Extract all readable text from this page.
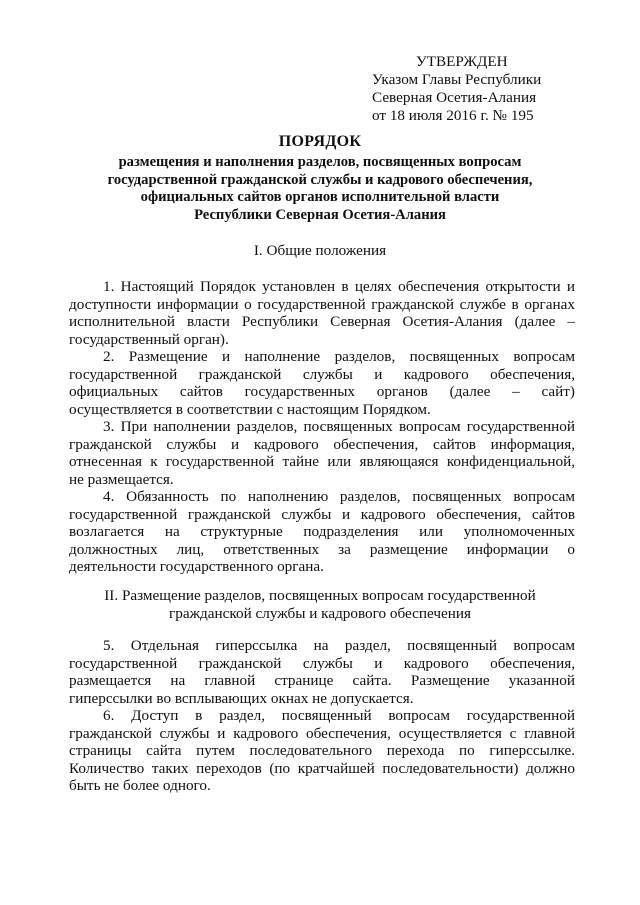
УТВЕРЖДЕН
Указом Главы Республики
Северная Осетия-Алания
от 18 июля 2016 г. № 195
ПОРЯДОК
размещения и наполнения разделов, посвященных вопросам
государственной гражданской службы и кадрового обеспечения,
официальных сайтов органов исполнительной власти
Республики Северная Осетия-Алания
I. Общие положения
1. Настоящий Порядок установлен в целях обеспечения открытости и
доступности информации о государственной гражданской службе в органах
исполнительной власти Республики Северная Осетия-Алания (далее –
государственный орган).
2. Размещение и наполнение разделов, посвященных вопросам
государственной гражданской службы и кадрового обеспечения,
официальных сайтов государственных органов (далее – сайт)
осуществляется в соответствии с настоящим Порядком.
3. При наполнении разделов, посвященных вопросам государственной
гражданской службы и кадрового обеспечения, сайтов информация,
отнесенная к государственной тайне или являющаяся конфиденциальной,
не размещается.
4. Обязанность по наполнению разделов, посвященных вопросам
государственной гражданской службы и кадрового обеспечения, сайтов
возлагается на структурные подразделения или уполномоченных
должностных лиц, ответственных за размещение информации о
деятельности государственного органа.
II. Размещение разделов, посвященных вопросам государственной
гражданской службы и кадрового обеспечения
5. Отдельная гиперссылка на раздел, посвященный вопросам
государственной гражданской службы и кадрового обеспечения,
размещается на главной странице сайта. Размещение указанной
гиперссылки во всплывающих окнах не допускается.
6. Доступ в раздел, посвященный вопросам государственной
гражданской службы и кадрового обеспечения, осуществляется с главной
страницы сайта путем последовательного перехода по гиперссылке.
Количество таких переходов (по кратчайшей последовательности) должно
быть не более одного.
